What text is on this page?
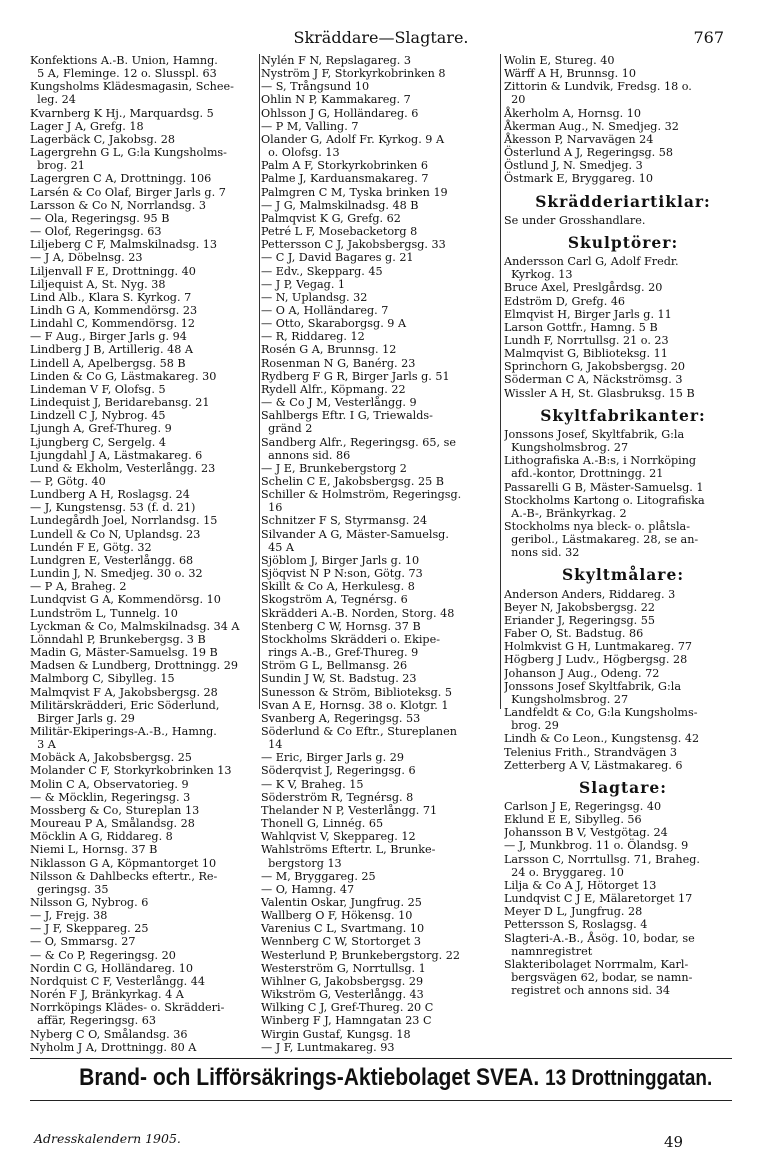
Skräddare—Slagtare.	767
Konfektions A.-B. Union, Hamng.
5 A, Fleminge. 12 o. Slusspl. 63
Kungsholms Klädesmagasin, Schee-
leg. 24
Kvarnberg K Hj., Marquardsg. 5
Lager J A, Grefg. 18
Lagerbäck C, Jakobsg. 28
Lagergrehn G L, G:la Kungsholms-
brog. 21
Lagergren C A, Drottningg. 106
Larsén & Co Olaf, Birger Jarls g. 7
Larsson & Co N, Norrlandsg. 3
— Ola, Regeringsg. 95 B
— Olof, Regeringsg. 63
Liljeberg C F, Malmskilnadsg. 13
— J A, Döbelnsg. 23
Liljenvall F E, Drottningg. 40
Liljequist A, St. Nyg. 38
Lind Alb., Klara S. Kyrkog. 7
Lindh G A, Kommendörsg. 23
Lindahl C, Kommendörsg. 12
— F Aug., Birger Jarls g. 94
Lindberg J B, Artillerig. 48 A
Lindell A, Apelbergsg. 58 B
Linden & Co G, Lästmakareg. 30
Lindeman V F, Olofsg. 5
Lindequist J, Beridarebansg. 21
Lindzell C J, Nybrog. 45
Ljungh A, Gref-Thureg. 9
Ljungberg C, Sergelg. 4
Ljungdahl J A, Lästmakareg. 6
Lund & Ekholm, Vesterlångg. 23
— P, Götg. 40
Lundberg A H, Roslagsg. 24
— J, Kungstensg. 53 (f. d. 21)
Lundegårdh Joel, Norrlandsg. 15
Lundell & Co N, Uplandsg. 23
Lundén F E, Götg. 32
Lundgren E, Vesterlångg. 68
Lundin J, N. Smedjeg. 30 o. 32
— P A, Braheg. 2
Lundqvist G A, Kommendörsg. 10
Lundström L, Tunnelg. 10
Lyckman & Co, Malmskilnadsg. 34 A
Lönndahl P, Brunkebergsg. 3 B
Madin G, Mäster-Samuelsg. 19 B
Madsen & Lundberg, Drottningg. 29
Malmborg C, Sibylleg. 15
Malmqvist F A, Jakobsbergsg. 28
Militärskrädderi, Eric Söderlund,
Birger Jarls g. 29
Militär-Ekiperings-A.-B., Hamng.
3 A
Mobäck A, Jakobsbergsg. 25
Molander C F, Storkyrkobrinken 13
Molin C A, Observatorieg. 9
— & Möcklin, Regeringsg. 3
Mossberg & Co, Stureplan 13
Moureau P A, Smålandsg. 28
Möcklin A G, Riddareg. 8
Niemi L, Hornsg. 37 B
Niklasson G A, Köpmantorget 10
Nilsson & Dahlbecks eftertr., Re-
geringsg. 35
Nilsson G, Nybrog. 6
— J, Frejg. 38
— J F, Skeppareg. 25
— O, Smmarsg. 27
— & Co P, Regeringsg. 20
Nordin C G, Holländareg. 10
Nordquist C F, Vesterlångg. 44
Norén F J, Bränkyrkag. 4 A
Norrköpings Klädes- o. Skrädderi-
affär, Regeringsg. 63
Nyberg C O, Smålandsg. 36
Nyholm J A, Drottningg. 80 A
Nylén F N, Repslagareg. 3
Nyström J F, Storkyrkobrinken 8
— S, Trångsund 10
Ohlin N P, Kammakareg. 7
Ohlsson J G, Holländareg. 6
— P M, Valling. 7
Olander G, Adolf Fr. Kyrkog. 9 A
o. Olofsg. 13
Palm A F, Storkyrkobrinken 6
Palme J, Karduansmakareg. 7
Palmgren C M, Tyska brinken 19
— J G, Malmskilnadsg. 48 B
Palmqvist K G, Grefg. 62
Petré L F, Mosebacketorg 8
Pettersson C J, Jakobsbergsg. 33
— C J, David Bagares g. 21
— Edv., Skepparg. 45
— J P, Vegag. 1
— N, Uplandsg. 32
— O A, Holländareg. 7
— Otto, Skaraborgsg. 9 A
— R, Riddareg. 12
Rosén G A, Brunnsg. 12
Rosenman N G, Banérg. 23
Rydberg F G R, Birger Jarls g. 51
Rydell Alfr., Köpmang. 22
— & Co J M, Vesterlångg. 9
Sahlbergs Eftr. I G, Triewalds-
gränd 2
Sandberg Alfr., Regeringsg. 65, se
annons sid. 86
— J E, Brunkebergstorg 2
Schelin C E, Jakobsbergsg. 25 B
Schiller & Holmström, Regeringsg.
16
Schnitzer F S, Styrmansg. 24
Silvander A G, Mäster-Samuelsg.
45 A
Sjöblom J, Birger Jarls g. 10
Sjöqvist N P N:son, Götg. 73
Skillt & Co A, Herkulesg. 8
Skogström A, Tegnérsg. 6
Skrädderi A.-B. Norden, Storg. 48
Stenberg C W, Hornsg. 37 B
Stockholms Skrädderi o. Ekipe-
rings A.-B., Gref-Thureg. 9
Ström G L, Bellmansg. 26
Sundin J W, St. Badstug. 23
Sunesson & Ström, Biblioteksg. 5
Svan A E, Hornsg. 38 o. Klotgr. 1
Svanberg A, Regeringsg. 53
Söderlund & Co Eftr., Stureplanen
14
— Eric, Birger Jarls g. 29
Söderqvist J, Regeringsg. 6
— K V, Braheg. 15
Söderström R, Tegnérsg. 8
Thelander N P, Vesterlångg. 71
Thonell G, Linnég. 65
Wahlqvist V, Skeppareg. 12
Wahlströms Eftertr. L, Brunke-
bergstorg 13
— M, Bryggareg. 25
— O, Hamng. 47
Valentin Oskar, Jungfrug. 25
Wallberg O F, Hökensg. 10
Varenius C L, Svartmang. 10
Wennberg C W, Stortorget 3
Westerlund P, Brunkebergstorg. 22
Westerström G, Norrtullsg. 1
Wihlner G, Jakobsbergsg. 29
Wikström G, Vesterlångg. 43
Wilking C J, Gref-Thureg. 20 C
Winberg F J, Hamngatan 23 C
Wirgin Gustaf, Kungsg. 18
— J F, Luntmakareg. 93
Wolin E, Stureg. 40
Wärff A H, Brunnsg. 10
Zittorin & Lundvik, Fredsg. 18 o.
20
Åkerholm A, Hornsg. 10
Åkerman Aug., N. Smedjeg. 32
Åkesson P, Narvavägen 24
Österlund A J, Regeringsg. 58
Östlund J, N. Smedjeg. 3
Östmark E, Bryggareg. 10
Skrädderiartiklar:
Se under Grosshandlare.
Skulptörer:
Andersson Carl G, Adolf Fredr.
Kyrkog. 13
Bruce Axel, Preslgårdsg. 20
Edström D, Grefg. 46
Elmqvist H, Birger Jarls g. 11
Larson Gottfr., Hamng. 5 B
Lundh F, Norrtullsg. 21 o. 23
Malmqvist G, Biblioteksg. 11
Sprinchorn G, Jakobsbergsg. 20
Söderman C A, Näckströmsg. 3
Wissler A H, St. Glasbruksg. 15 B
Skyltfabrikanter:
Jonssons Josef, Skyltfabrik, G:la
Kungsholmsbrog. 27
Lithografiska A.-B:s, i Norrköping
afd.-kontor, Drottningg. 21
Passarelli G B, Mäster-Samuelsg. 1
Stockholms Kartong o. Litografiska
A.-B-, Bränkyrkag. 2
Stockholms nya bleck- o. plåtsla-
geribol., Lästmakareg. 28, se an-
nons sid. 32
Skyltmålare:
Anderson Anders, Riddareg. 3
Beyer N, Jakobsbergsg. 22
Eriander J, Regeringsg. 55
Faber O, St. Badstug. 86
Holmkvist G H, Luntmakareg. 77
Högberg J Ludv., Högbergsg. 28
Johanson J Aug., Odeng. 72
Jonssons Josef Skyltfabrik, G:la
Kungsholmsbrog. 27
Landfeldt & Co, G:la Kungsholms-
brog. 29
Lindh & Co Leon., Kungstensg. 42
Telenius Frith., Strandvägen 3
Zetterberg A V, Lästmakareg. 6
Slagtare:
Carlson J E, Regeringsg. 40
Eklund E E, Sibylleg. 56
Johansson B V, Vestgötag. 24
— J, Munkbrog. 11 o. Ölandsg. 9
Larsson C, Norrtullsg. 71, Braheg.
24 o. Bryggareg. 10
Lilja & Co A J, Hötorget 13
Lundqvist C J E, Mälaretorget 17
Meyer D L, Jungfrug. 28
Pettersson S, Roslagsg. 4
Slagteri-A.-B., Åsög. 10, bodar, se
namnregistret
Slakteribolaget Norrmalm, Karl-
bergsvägen 62, bodar, se namn-
registret och annons sid. 34
Brand- och Lifförsäkrings-Aktiebolaget SVEA. 13 Drottninggatan.
Adresskalendern 1905.	49
